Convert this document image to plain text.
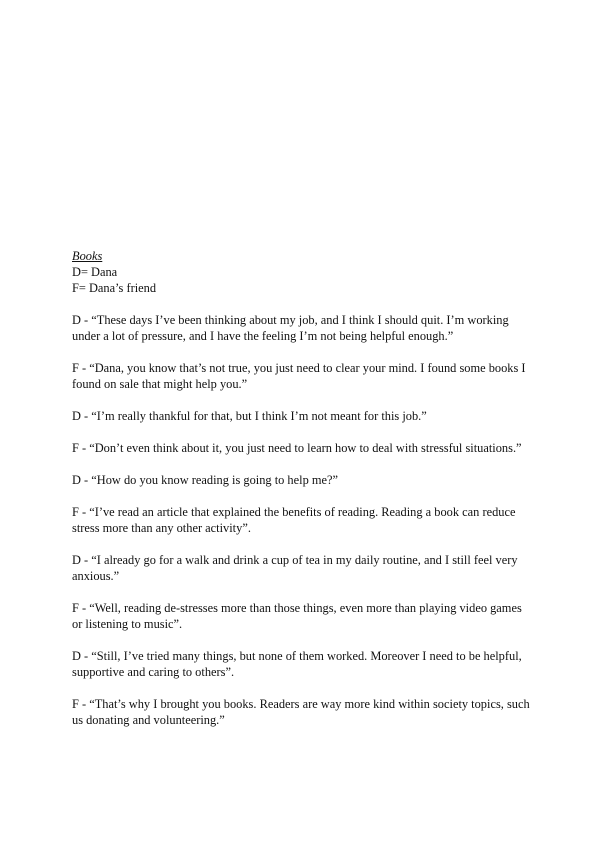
Books

D= Dana

F= Dana’s friend

D - “These days I’ve been thinking about my job, and I think I should quit. I’m working under a lot of pressure, and I have the feeling I’m not being helpful enough.”

F - “Dana, you know that’s not true, you just need to clear your mind. I found some books I found on sale that might help you.”

D - “I’m really thankful for that, but I think I’m not meant for this job.”

F - “Don’t even think about it, you just need to learn how to deal with stressful situations.”

D - “How do you know reading is going to help me?”

F - “I’ve read an article that explained the benefits of reading. Reading a book can reduce stress more than any other activity”.

D - “I already go for a walk and drink a cup of tea in my daily routine, and I still feel very anxious.”

F - “Well, reading de-stresses more than those things, even more than playing video games or listening to music”.

D - “Still, I’ve tried many things, but none of them worked. Moreover I need to be helpful, supportive and caring to others”.

F - “That’s why I brought you books. Readers are way more kind within society topics, such us donating and volunteering.”
